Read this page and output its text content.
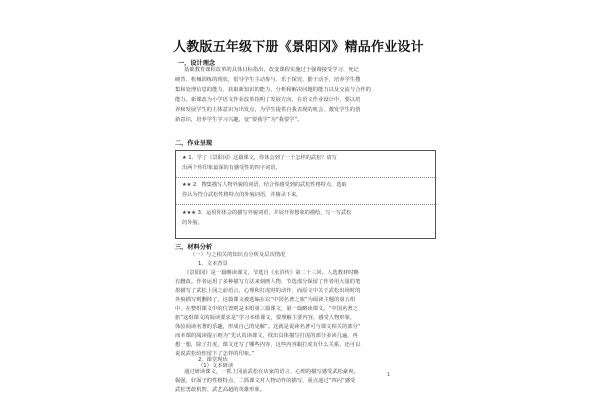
人教版五年级下册《景阳冈》精品作业设计
一，设计理念
基础教育课程改革的具体目标指出，改变课程实施过于强调接受学习、死记
硬背、机械训练的现状，倡导学生主动参与、乐于探究、勤于动手，培养学生搜
集和处理信息的能力、获取新知识的能力、分析和解决问题的能力以及交流与合作的
能力。新课改为小学语文作业改革指明了发展方向，在语文作业设计中，要以培
养和发展学生的主体意识为出发点，为学生提供自我表现的机会，激发学生的创
新意识，培养学生学习兴趣，变“要我学”为“我要学”。
二，作业呈现
★ 1．学了《景阳冈》这篇课文，你体会到了一个怎样的武松？请写
出两个你印象最深的有感受性的四字词语。
★★ 2．搜集描写人物外貌的词语，结合你感受到的武松性格特点，选取
你认为符合武松性格特点的外貌词语，并摘录下来。
★★★ 3．运用你体会的描写外貌词语，并展开你想象的描绘，写一写武松
的外貌。
三，材料分析
（一）与之相关的知识点分析及层次情况
1、文本背景
《景阳冈》是一篇略读课文，节选自《水浒传》第二十三回。人选教材时略
有删改。作者运用了多种描写方法来刻画人物，节选部分保留了作者用大量的笔
墨描写了武松上冈之前语言，心理和打虎时的动作，而原文中关于武松出场时的
外貌描写则删掉了，这篇课文被选编在以“中国名著之旅”为阅读主题的第五组
中，在整组课文中的位置则是本组第三篇课文，第一篇略读课文。“中国名著之
旅”这组课文的阅读要求是“学习本组课文，要理解主要内容，感受人物形象，
体验阅读名著的乐趣，形成自己的见解”。这就是说读名著可与课文相关的部分“
而本课的阅读提示则为“先认真读课文，找出具体描写打虎的部分多读几遍，再
想一想，除了打虎，课文还写了哪些内容，这些内容跟打虎有什么关系，还可以
说说武松给你留下了怎样的印象。”
2、课堂现状
（1）文本研读
通过研读课文，一抓上冈前武松在店家的语言、心理的描写感受武松豪爽，
倔强，好面子的性格特点，二抓课文对人物动作的描写，重点通过“四闪”感受
武松勇敢机智、武艺高超的英雄形象。
1
